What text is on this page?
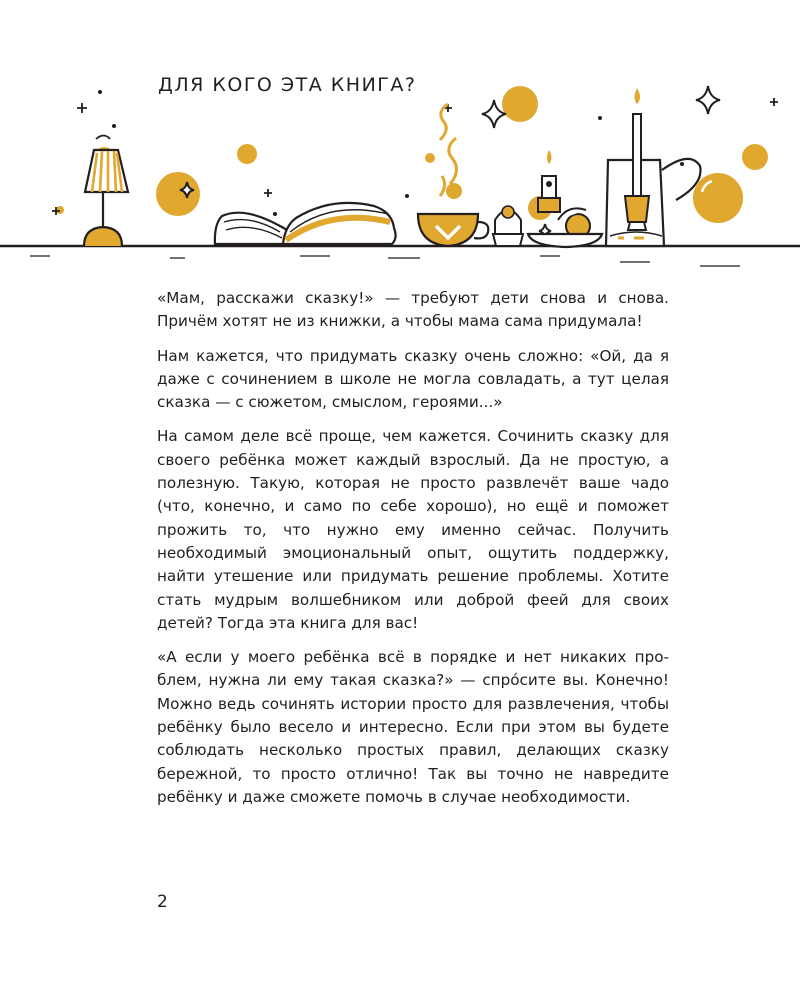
ДЛЯ КОГО ЭТА КНИГА?

«Мам, расскажи сказку!» — требуют дети снова и снова. Причём хотят не из книжки, а чтобы мама сама придумала!

Нам кажется, что придумать сказку очень сложно: «Ой, да я даже с сочинением в школе не могла совладать, а тут целая сказка — с сюжетом, смыслом, героями...»

На самом деле всё проще, чем кажется. Сочинить сказку для своего ребёнка может каждый взрослый. Да не простую, а полезную. Такую, которая не просто развлечёт ваше чадо (что, конечно, и само по себе хорошо), но ещё и поможет прожить то, что нужно ему именно сейчас. Получить необходимый эмоциональный опыт, ощутить поддержку, найти утешение или придумать решение проблемы. Хотите стать мудрым волшебником или доброй феей для своих детей? Тогда эта книга для вас!

«А если у моего ребёнка всё в порядке и нет никаких проблем, нужна ли ему такая сказка?» — спрóсите вы. Конечно! Можно ведь сочинять истории просто для развлечения, чтобы ребёнку было весело и интересно. Если при этом вы будете соблюдать несколько простых правил, делающих сказку бережной, то просто отлично! Так вы точно не навредите ребёнку и даже сможете помочь в случае необходимости.

2
